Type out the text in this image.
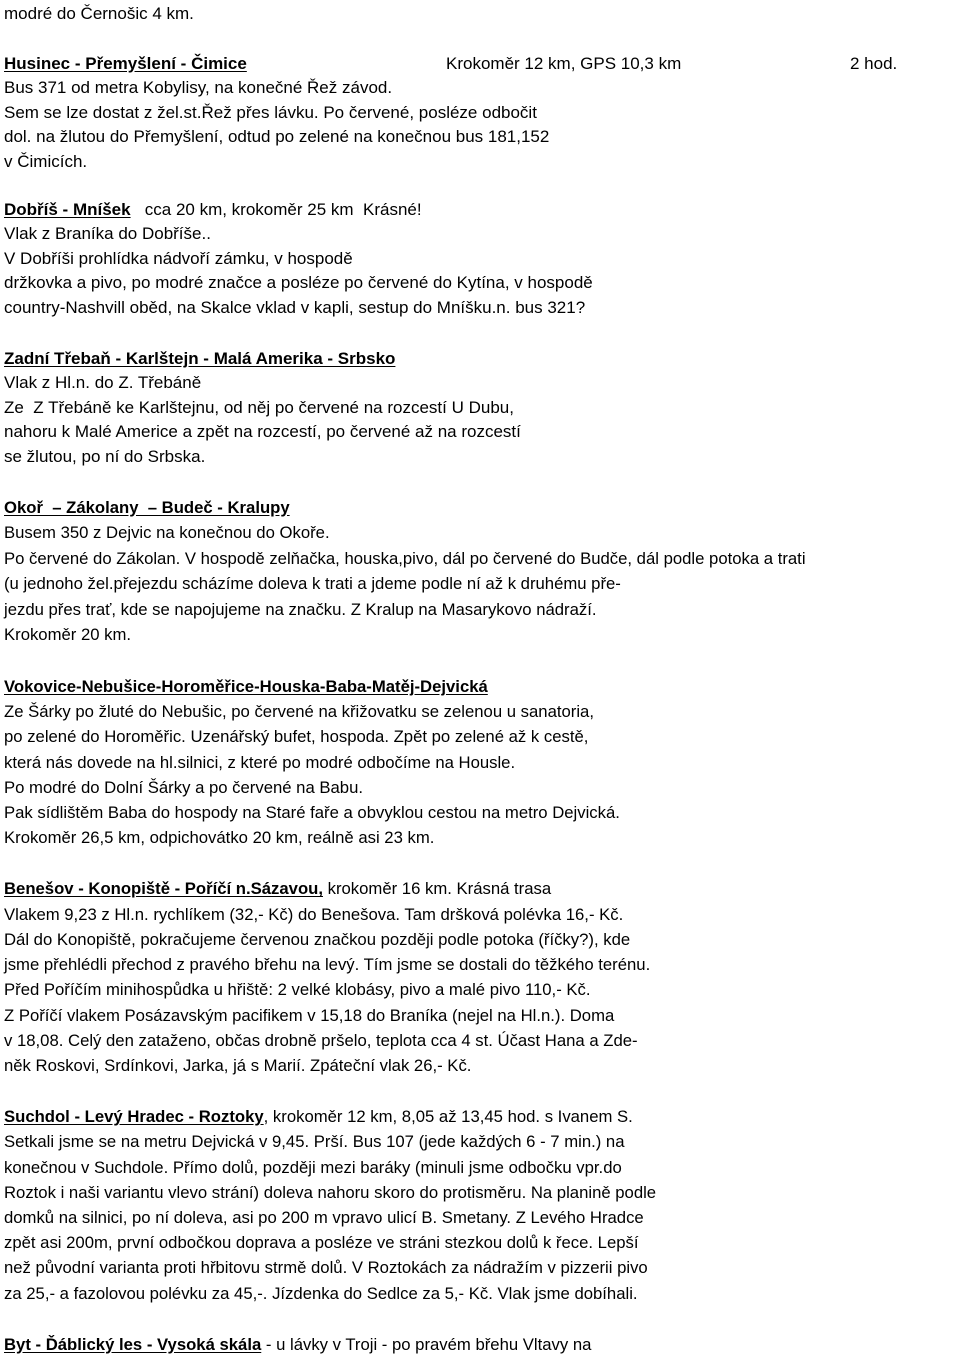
modré do Černošic 4 km.

Husinec - Přemyšlení - Čimice	Krokoměr 12 km, GPS 10,3 km	2 hod.

Bus 371 od metra Kobylisy, na konečné Řež závod.

Sem se lze dostat z žel.st.Řež přes lávku. Po červené, posléze odbočit

dol. na žlutou do Přemyšlení, odtud po zelené na konečnou bus 181,152

v Čimicích.

Dobříš - Mníšek   cca 20 km, krokoměr 25 km  Krásné!

Vlak z Braníka do Dobříše..

V Dobříši prohlídka nádvoří zámku, v hospodě

držkovka a pivo, po modré značce a posléze po červené do Kytína, v hospodě

country-Nashvill oběd, na Skalce vklad v kapli, sestup do Mníšku.n. bus 321?

Zadní Třebaň - Karlštejn - Malá Amerika - Srbsko

Vlak z Hl.n. do Z. Třebáně

Ze  Z Třebáně ke Karlštejnu, od něj po červené na rozcestí U Dubu,

nahoru k Malé Americe a zpět na rozcestí, po červené až na rozcestí

se žlutou, po ní do Srbska.

Okoř  – Zákolany  – Budeč - Kralupy

Busem 350 z Dejvic na konečnou do Okoře.

Po červené do Zákolan. V hospodě zelňačka, houska,pivo, dál po červené do Budče, dál podle potoka a trati

(u jednoho žel.přejezdu scházíme doleva k trati a jdeme podle ní až k druhému pře-

jezdu přes trať, kde se napojujeme na značku. Z Kralup na Masarykovo nádraží.

Krokoměr 20 km.

Vokovice-Nebušice-Horoměřice-Houska-Baba-Matěj-Dejvická

Ze Šárky po žluté do Nebušic, po červené na křižovatku se zelenou u sanatoria,

po zelené do Horoměřic. Uzenářský bufet, hospoda. Zpět po zelené až k cestě,

která nás dovede na hl.silnici, z které po modré odbočíme na Housle.

Po modré do Dolní Šárky a po červené na Babu.

Pak sídlištěm Baba do hospody na Staré faře a obvyklou cestou na metro Dejvická.

Krokoměr 26,5 km, odpichovátko 20 km, reálně asi 23 km.

Benešov - Konopiště - Poříčí n.Sázavou, krokoměr 16 km. Krásná trasa

Vlakem 9,23 z Hl.n. rychlíkem (32,- Kč) do Benešova. Tam dršková polévka 16,- Kč.

Dál do Konopiště, pokračujeme červenou značkou později podle potoka (říčky?), kde

jsme přehlédli přechod z pravého břehu na levý. Tím jsme se dostali do těžkého terénu.

Před Poříčím minihospůdka u hřiště: 2 velké klobásy, pivo a malé pivo 110,- Kč.

Z Poříčí vlakem Posázavským pacifikem v 15,18 do Braníka (nejel na Hl.n.). Doma

v 18,08. Celý den zataženo, občas drobně pršelo, teplota cca 4 st. Účast Hana a Zde-

něk Roskovi, Srdínkovi, Jarka, já s Marií. Zpáteční vlak 26,- Kč.

Suchdol - Levý Hradec - Roztoky, krokoměr 12 km, 8,05 až 13,45 hod. s Ivanem S.

Setkali jsme se na metru Dejvická v 9,45. Prší. Bus 107 (jede každých 6 - 7 min.) na

konečnou v Suchdole. Přímo dolů, později mezi baráky (minuli jsme odbočku vpr.do

Roztok i naši variantu vlevo strání) doleva nahoru skoro do protisměru. Na planině podle

domků na silnici, po ní doleva, asi po 200 m vpravo ulicí B. Smetany. Z Levého Hradce

zpět asi 200m, první odbočkou doprava a posléze ve stráni stezkou dolů k řece. Lepší

než původní varianta proti hřbitovu strmě dolů. V Roztokách za nádražím v pizzerii pivo

za 25,- a fazolovou polévku za 45,-. Jízdenka do Sedlce za 5,- Kč. Vlak jsme dobíhali.

Byt - Ďáblický les - Vysoká skála - u lávky v Troji - po pravém břehu Vltavy na
